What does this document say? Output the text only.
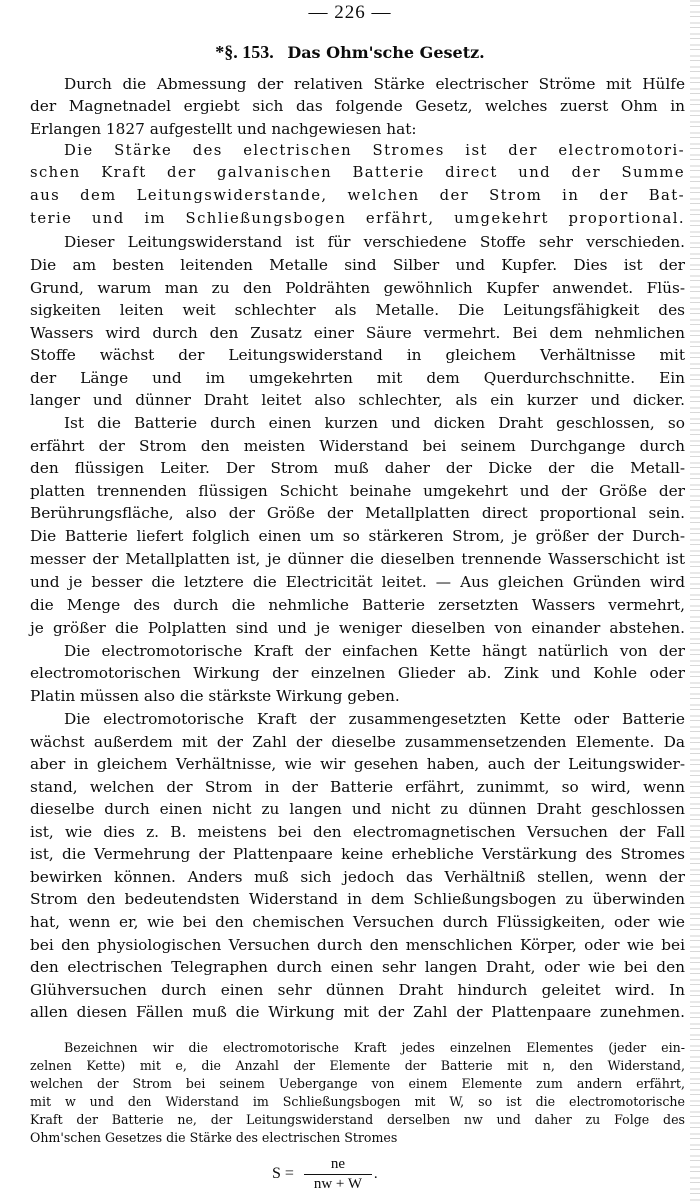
— 226 —
*§. 153. Das Ohm'sche Gesetz.
Durch die Abmessung der relativen Stärke electrischer Ströme mit Hülfe
der Magnetnadel ergiebt sich das folgende Gesetz, welches zuerst Ohm in
Erlangen 1827 aufgestellt und nachgewiesen hat:
Die Stärke des electrischen Stromes ist der electromotori-
schen Kraft der galvanischen Batterie direct und der Summe
aus dem Leitungswiderstande, welchen der Strom in der Bat-
terie und im Schließungsbogen erfährt, umgekehrt proportional.
Dieser Leitungswiderstand ist für verschiedene Stoffe sehr verschieden.
Die am besten leitenden Metalle sind Silber und Kupfer. Dies ist der
Grund, warum man zu den Poldrähten gewöhnlich Kupfer anwendet. Flüs-
sigkeiten leiten weit schlechter als Metalle. Die Leitungsfähigkeit des
Wassers wird durch den Zusatz einer Säure vermehrt. Bei dem nehmlichen
Stoffe wächst der Leitungswiderstand in gleichem Verhältnisse mit
der Länge und im umgekehrten mit dem Querdurchschnitte. Ein
langer und dünner Draht leitet also schlechter, als ein kurzer und dicker.
Ist die Batterie durch einen kurzen und dicken Draht geschlossen, so
erfährt der Strom den meisten Widerstand bei seinem Durchgange durch
den flüssigen Leiter. Der Strom muß daher der Dicke der die Metall-
platten trennenden flüssigen Schicht beinahe umgekehrt und der Größe der
Berührungsfläche, also der Größe der Metallplatten direct proportional sein.
Die Batterie liefert folglich einen um so stärkeren Strom, je größer der Durch-
messer der Metallplatten ist, je dünner die dieselben trennende Wasserschicht ist
und je besser die letztere die Electricität leitet. — Aus gleichen Gründen wird
die Menge des durch die nehmliche Batterie zersetzten Wassers vermehrt,
je größer die Polplatten sind und je weniger dieselben von einander abstehen.
Die electromotorische Kraft der einfachen Kette hängt natürlich von der
electromotorischen Wirkung der einzelnen Glieder ab. Zink und Kohle oder
Platin müssen also die stärkste Wirkung geben.
Die electromotorische Kraft der zusammengesetzten Kette oder Batterie
wächst außerdem mit der Zahl der dieselbe zusammensetzenden Elemente. Da
aber in gleichem Verhältnisse, wie wir gesehen haben, auch der Leitungswider-
stand, welchen der Strom in der Batterie erfährt, zunimmt, so wird, wenn
dieselbe durch einen nicht zu langen und nicht zu dünnen Draht geschlossen
ist, wie dies z. B. meistens bei den electromagnetischen Versuchen der Fall
ist, die Vermehrung der Plattenpaare keine erhebliche Verstärkung des Stromes
bewirken können. Anders muß sich jedoch das Verhältniß stellen, wenn der
Strom den bedeutendsten Widerstand in dem Schließungsbogen zu überwinden
hat, wenn er, wie bei den chemischen Versuchen durch Flüssigkeiten, oder wie
bei den physiologischen Versuchen durch den menschlichen Körper, oder wie bei
den electrischen Telegraphen durch einen sehr langen Draht, oder wie bei den
Glühversuchen durch einen sehr dünnen Draht hindurch geleitet wird. In
allen diesen Fällen muß die Wirkung mit der Zahl der Plattenpaare zunehmen.
Bezeichnen wir die electromotorische Kraft jedes einzelnen Elementes (jeder ein-
zelnen Kette) mit e, die Anzahl der Elemente der Batterie mit n, den Widerstand,
welchen der Strom bei seinem Uebergange von einem Elemente zum andern erfährt,
mit w und den Widerstand im Schließungsbogen mit W, so ist die electromotorische
Kraft der Batterie ne, der Leitungswiderstand derselben nw und daher zu Folge des
Ohm'schen Gesetzes die Stärke des electrischen Stromes
$S = \frac{ne}{nw + W}$ .
